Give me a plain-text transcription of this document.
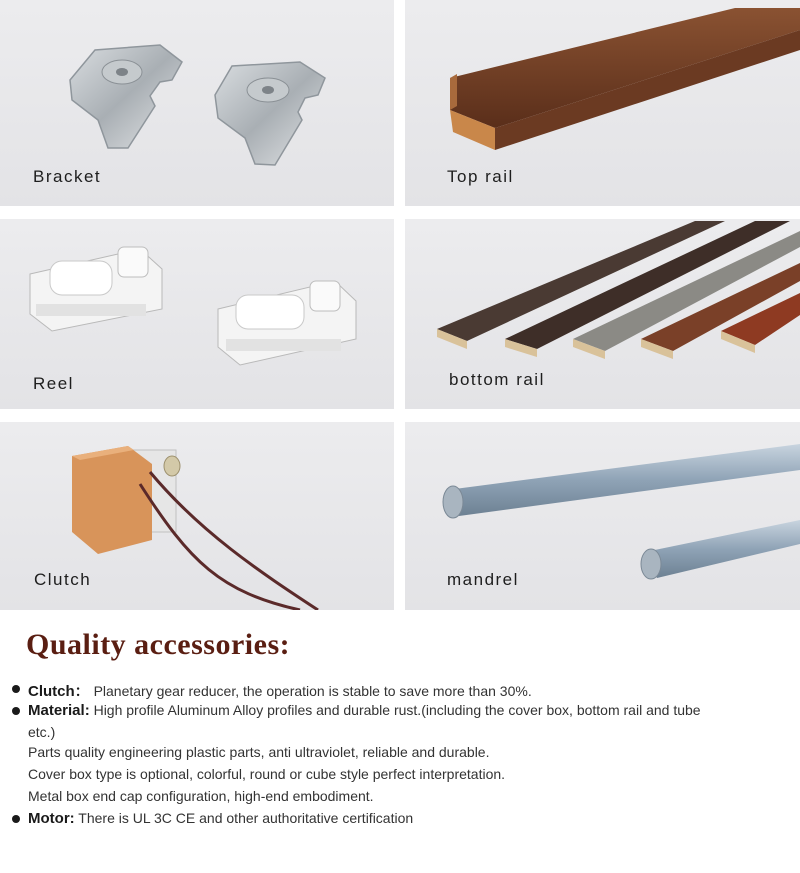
Bracket	Top rail
Reel	bottom rail
Clutch	mandrel
Quality accessories:
Clutch： Planetary gear reducer, the operation is stable to save more than 30%.
Material: High profile Aluminum Alloy profiles and durable rust.(including the cover box, bottom rail and tube
etc.)
Parts quality engineering plastic parts, anti ultraviolet, reliable and durable.
Cover box type is optional, colorful, round or cube style perfect interpretation.
Metal box end cap configuration, high-end embodiment.
Motor: There is UL 3C CE and other authoritative certification
